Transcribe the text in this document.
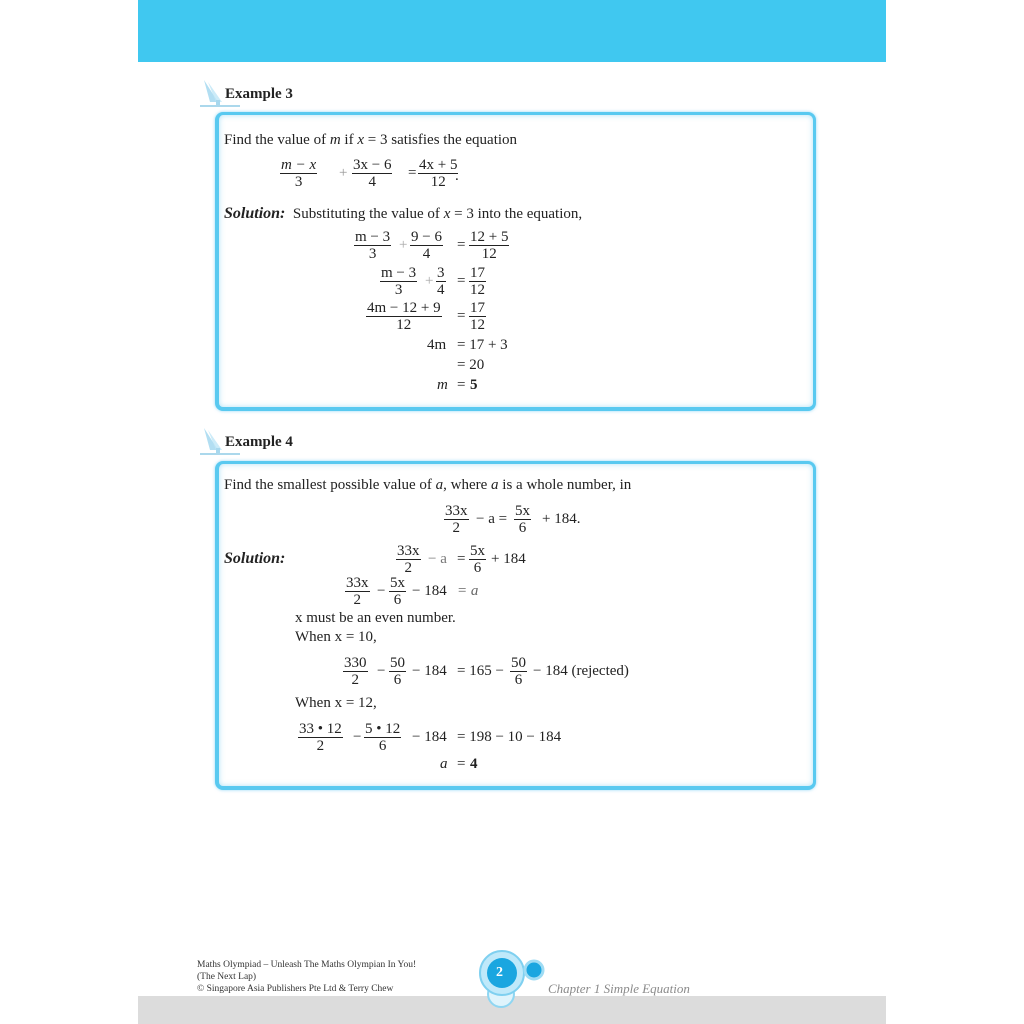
Example 3
Find the value of m if x = 3 satisfies the equation
$\frac{m - x}{3} + \frac{3x - 6}{4} = \frac{4x + 5}{12}$
.
Solution: Substituting the value of x = 3 into the equation,
$\frac{m - 3}{3} + \frac{9 - 6}{4} = \frac{12 + 5}{12}$
$\frac{m - 3}{3} + \frac{3}{4} = \frac{17}{12}$
$\frac{4m - 12 + 9}{12} = \frac{17}{12}$
4m = 17 + 3
= 20
m = 5
Example 4
Find the smallest possible value of a, where a is a whole number, in
$\frac{33x}{2} - a = \frac{5x}{6} + 184$.
Solution:	$\frac{33x}{2} - a = \frac{5x}{6} + 184$
$\frac{33x}{2} - \frac{5x}{6} - 184 = a$
x must be an even number.
When x = 10,
$\frac{330}{2} - \frac{50}{6} - 184 = 165 - \frac{50}{6} - 184$ (rejected)
When x = 12,
$\frac{33 • 12}{2} - \frac{5 • 12}{6} - 184 = 198 - 10 - 184$
a = 4
Maths Olympiad – Unleash The Maths Olympian In You!
(The Next Lap)
© Singapore Asia Publishers Pte Ltd & Terry Chew
2
Chapter 1 Simple Equation
